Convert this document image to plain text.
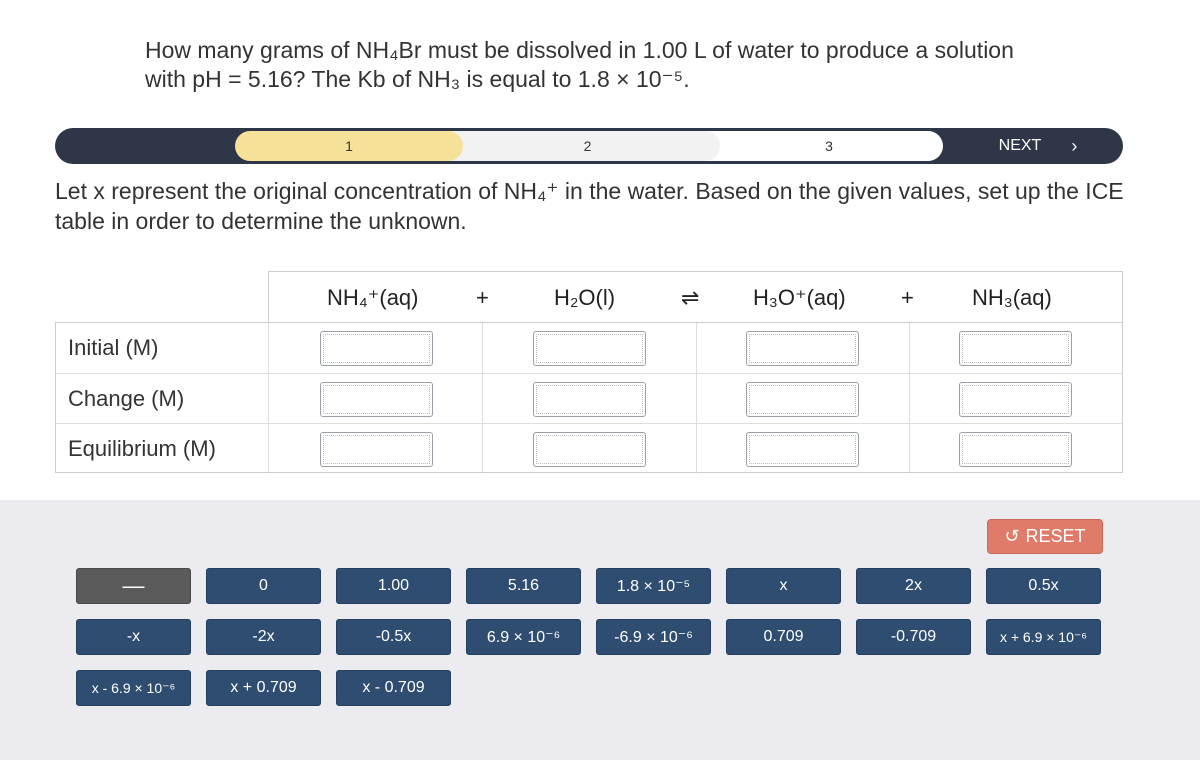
How many grams of NH₄Br must be dissolved in 1.00 L of water to produce a solution with pH = 5.16? The Kb of NH₃ is equal to 1.8 × 10⁻⁵.
3
2
1	NEXT ›
Let x represent the original concentration of NH₄⁺ in the water. Based on the given values, set up the ICE table in order to determine the unknown.
NH₄⁺(aq)	+	H₂O(l)	⇌ H₃O⁺(aq)	+	NH₃(aq)
Initial (M)
Change (M)
Equilibrium (M)
↺ RESET
—	0	1.00	5.16	1.8 × 10⁻⁵	x	2x	0.5x
-x	-2x	-0.5x	6.9 × 10⁻⁶	-6.9 × 10⁻⁶	0.709	-0.709	x + 6.9 × 10⁻⁶
x - 6.9 × 10⁻⁶	x + 0.709	x - 0.709
